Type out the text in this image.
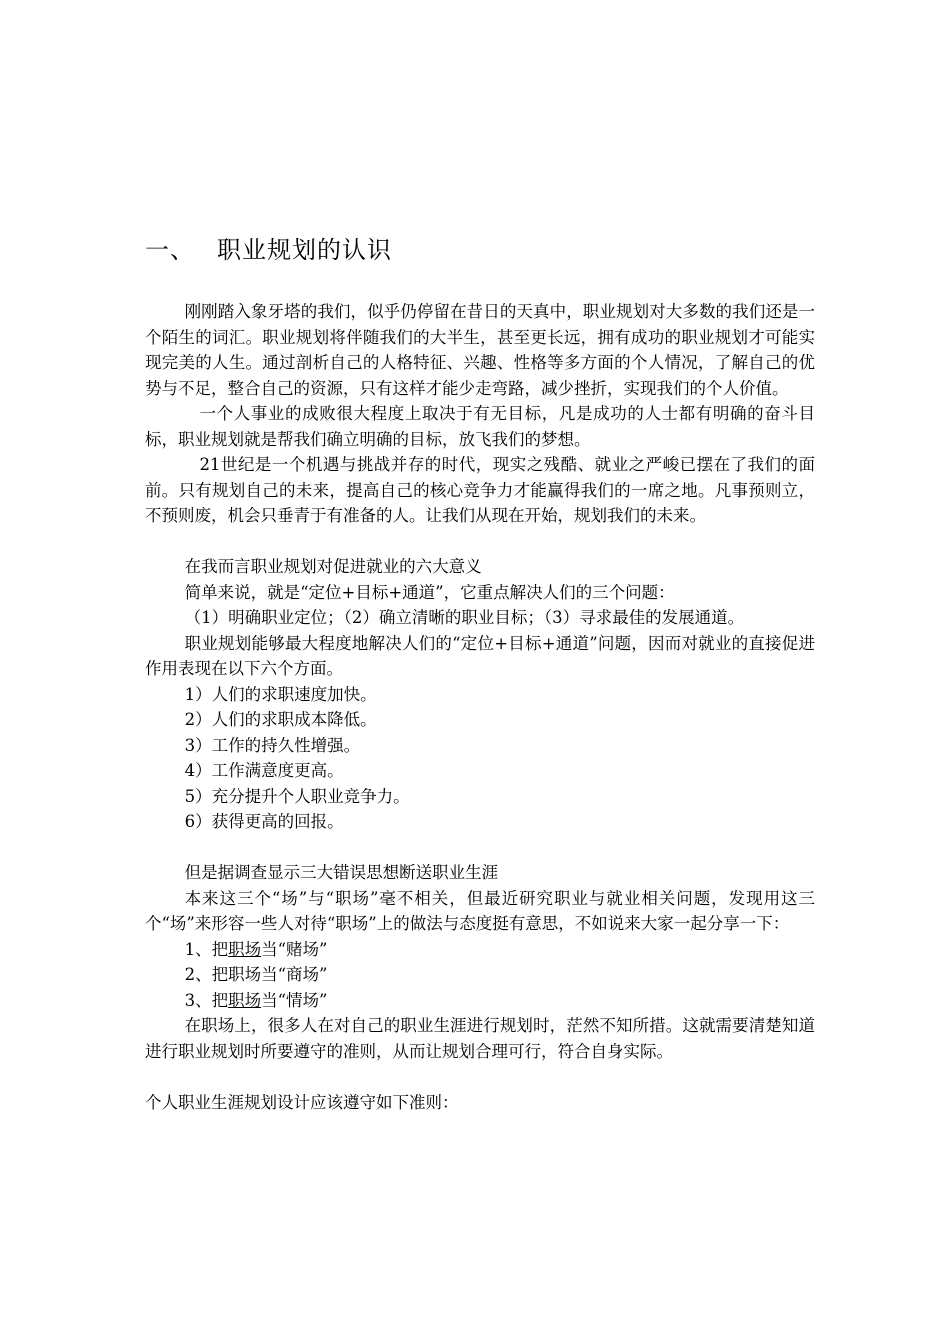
一、 职业规划的认识

刚刚踏入象牙塔的我们，似乎仍停留在昔日的天真中，职业规划对大多数的我们还是一个陌生的词汇。职业规划将伴随我们的大半生，甚至更长远，拥有成功的职业规划才可能实现完美的人生。通过剖析自己的人格特征、兴趣、性格等多方面的个人情况，了解自己的优势与不足，整合自己的资源，只有这样才能少走弯路，减少挫折，实现我们的个人价值。

一个人事业的成败很大程度上取决于有无目标，凡是成功的人士都有明确的奋斗目标，职业规划就是帮我们确立明确的目标，放飞我们的梦想。

21世纪是一个机遇与挑战并存的时代，现实之残酷、就业之严峻已摆在了我们的面前。只有规划自己的未来，提高自己的核心竞争力才能赢得我们的一席之地。凡事预则立，不预则废，机会只垂青于有准备的人。让我们从现在开始，规划我们的未来。

在我而言职业规划对促进就业的六大意义

简单来说，就是“定位+目标+通道”，它重点解决人们的三个问题：

（1）明确职业定位；（2）确立清晰的职业目标；（3）寻求最佳的发展通道。

职业规划能够最大程度地解决人们的“定位+目标+通道”问题，因而对就业的直接促进作用表现在以下六个方面。

1）人们的求职速度加快。

2）人们的求职成本降低。

3）工作的持久性增强。

4）工作满意度更高。

5）充分提升个人职业竞争力。

6）获得更高的回报。

但是据调查显示三大错误思想断送职业生涯

本来这三个“场”与“职场”毫不相关，但最近研究职业与就业相关问题，发现用这三个“场”来形容一些人对待“职场”上的做法与态度挺有意思，不如说来大家一起分享一下：

1、把职场当“赌场”

2、把职场当“商场”

3、把职场当“情场”

在职场上，很多人在对自己的职业生涯进行规划时，茫然不知所措。这就需要清楚知道进行职业规划时所要遵守的准则，从而让规划合理可行，符合自身实际。

个人职业生涯规划设计应该遵守如下准则：
